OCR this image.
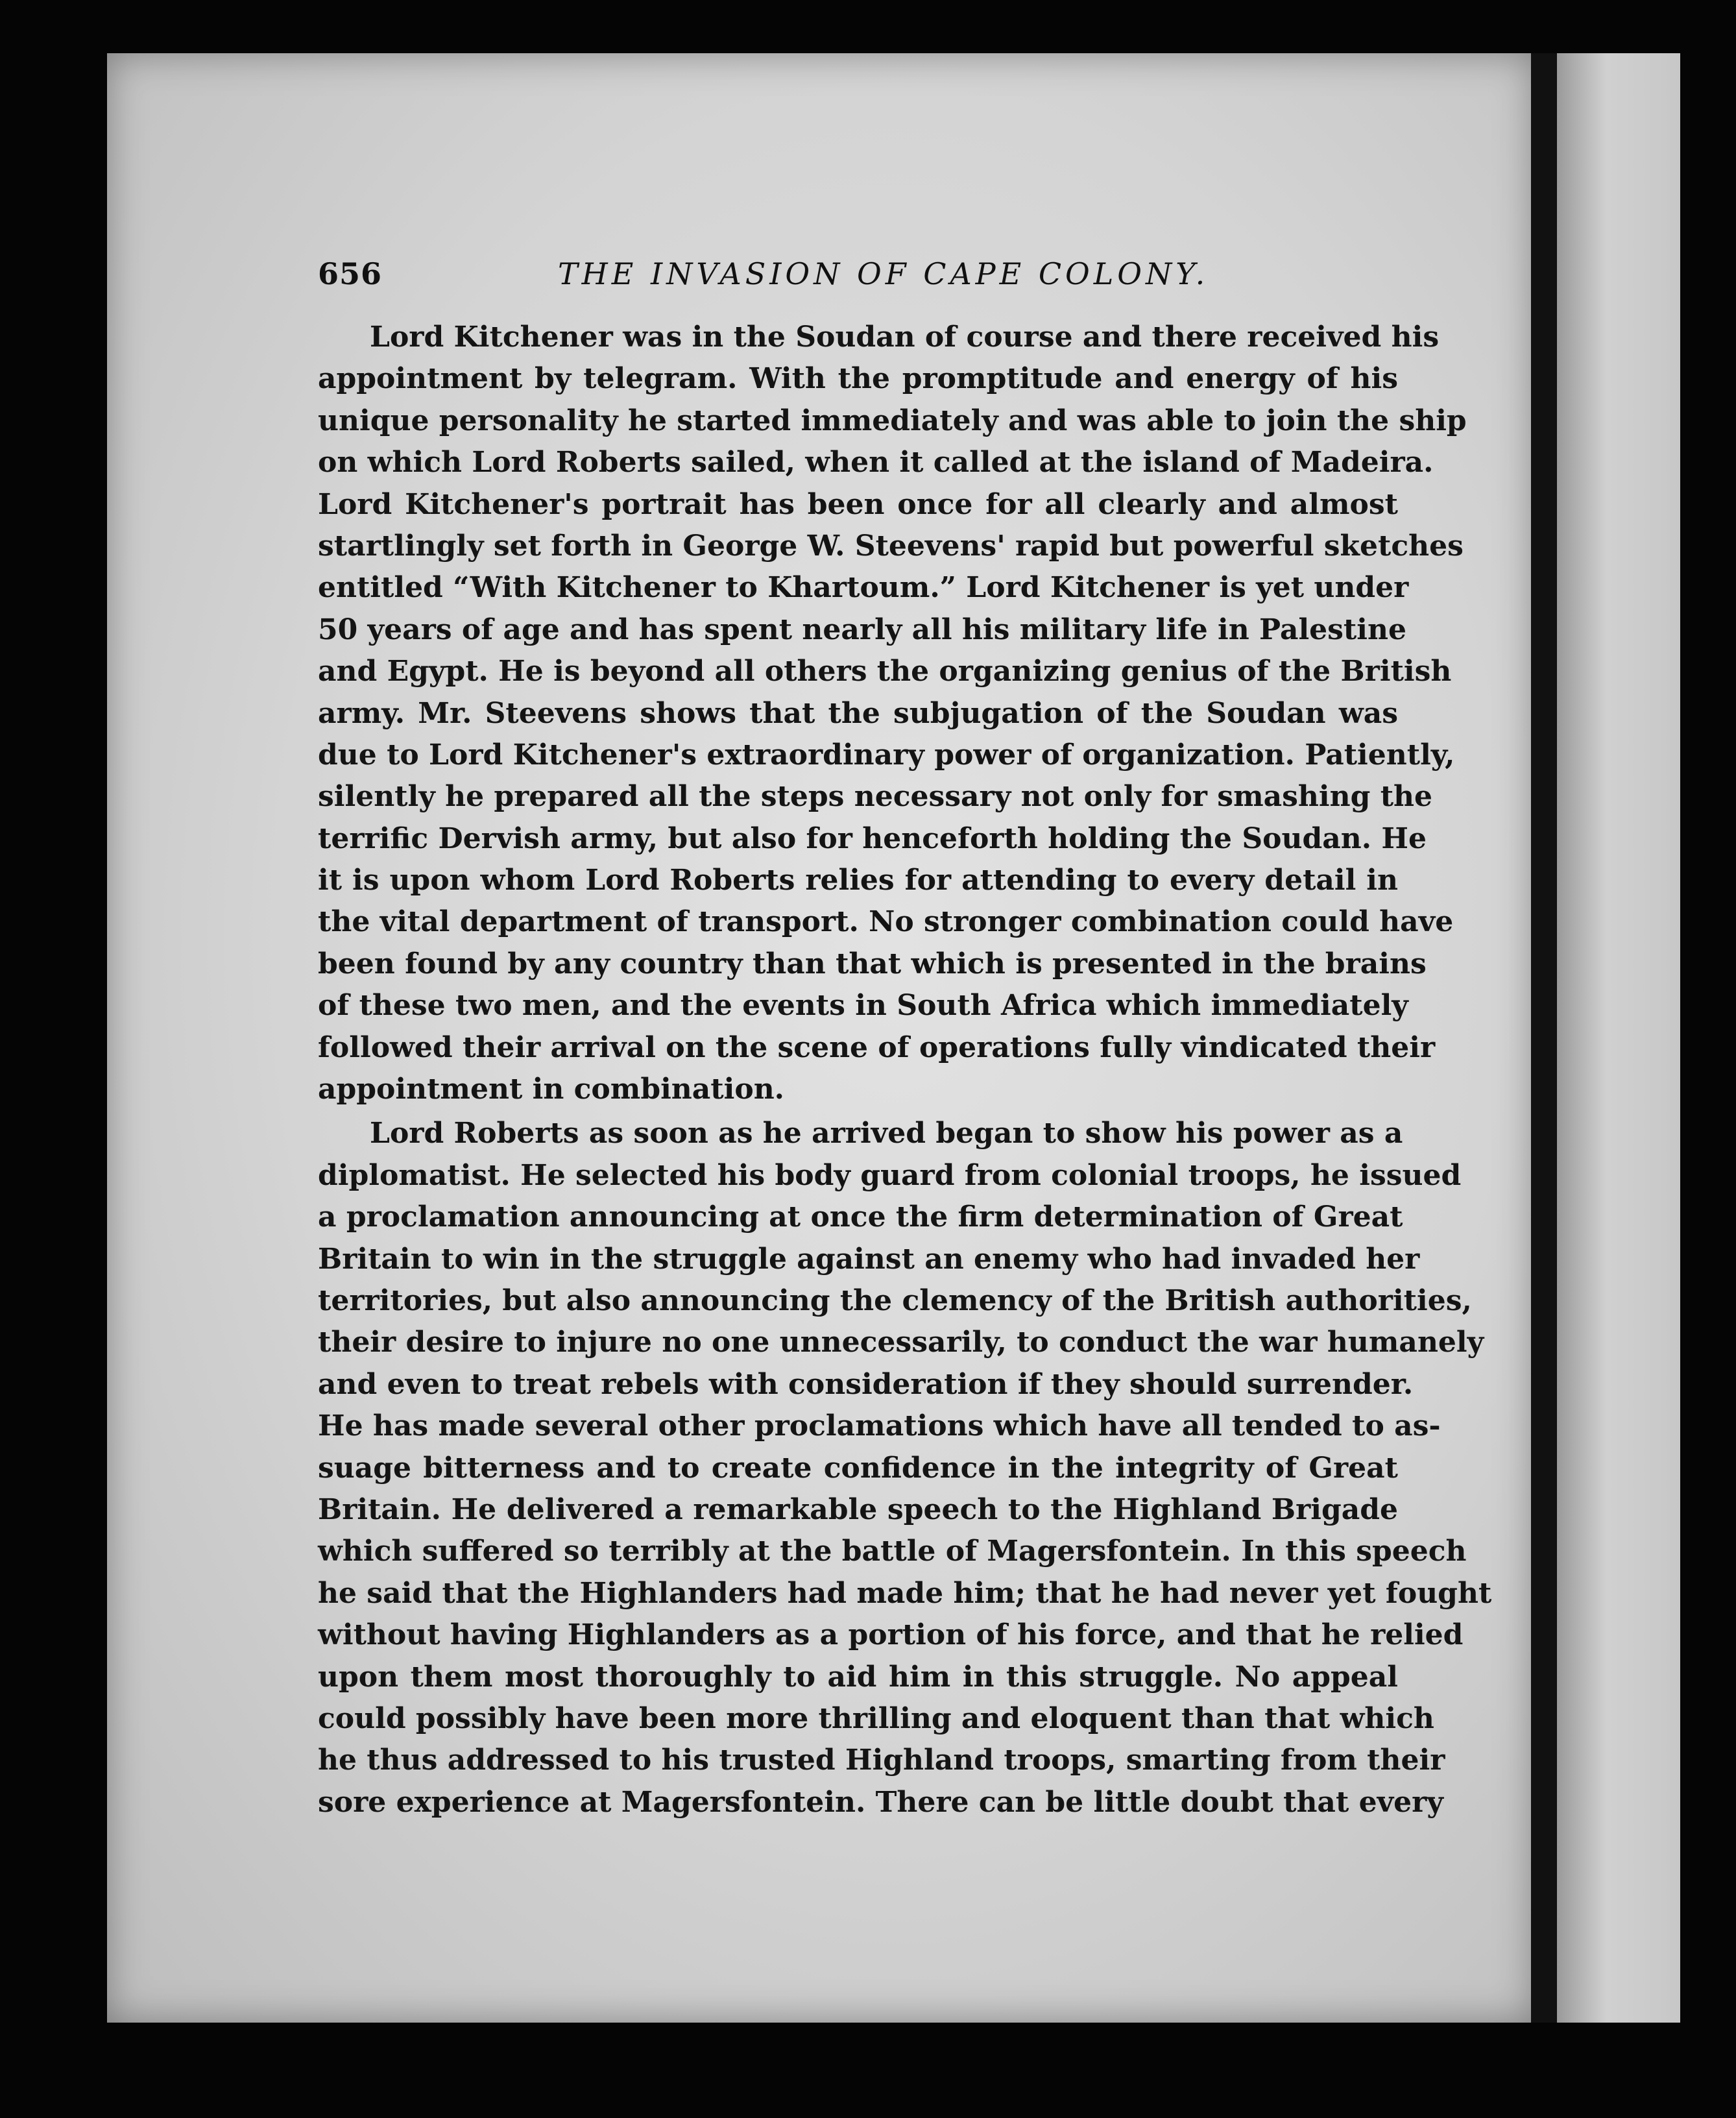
656	THE INVASION OF CAPE COLONY.
Lord Kitchener was in the Soudan of course and there received his
appointment by telegram. With the promptitude and energy of his
unique personality he started immediately and was able to join the ship
on which Lord Roberts sailed, when it called at the island of Madeira.
Lord Kitchener's portrait has been once for all clearly and almost
startlingly set forth in George W. Steevens' rapid but powerful sketches
entitled “With Kitchener to Khartoum.” Lord Kitchener is yet under
50 years of age and has spent nearly all his military life in Palestine
and Egypt. He is beyond all others the organizing genius of the British
army. Mr. Steevens shows that the subjugation of the Soudan was
due to Lord Kitchener's extraordinary power of organization. Patiently,
silently he prepared all the steps necessary not only for smashing the
terrific Dervish army, but also for henceforth holding the Soudan. He
it is upon whom Lord Roberts relies for attending to every detail in
the vital department of transport. No stronger combination could have
been found by any country than that which is presented in the brains
of these two men, and the events in South Africa which immediately
followed their arrival on the scene of operations fully vindicated their
appointment in combination.
Lord Roberts as soon as he arrived began to show his power as a
diplomatist. He selected his body guard from colonial troops, he issued
a proclamation announcing at once the firm determination of Great
Britain to win in the struggle against an enemy who had invaded her
territories, but also announcing the clemency of the British authorities,
their desire to injure no one unnecessarily, to conduct the war humanely
and even to treat rebels with consideration if they should surrender.
He has made several other proclamations which have all tended to as-
suage bitterness and to create confidence in the integrity of Great
Britain. He delivered a remarkable speech to the Highland Brigade
which suffered so terribly at the battle of Magersfontein. In this speech
he said that the Highlanders had made him; that he had never yet fought
without having Highlanders as a portion of his force, and that he relied
upon them most thoroughly to aid him in this struggle. No appeal
could possibly have been more thrilling and eloquent than that which
he thus addressed to his trusted Highland troops, smarting from their
sore experience at Magersfontein. There can be little doubt that every
